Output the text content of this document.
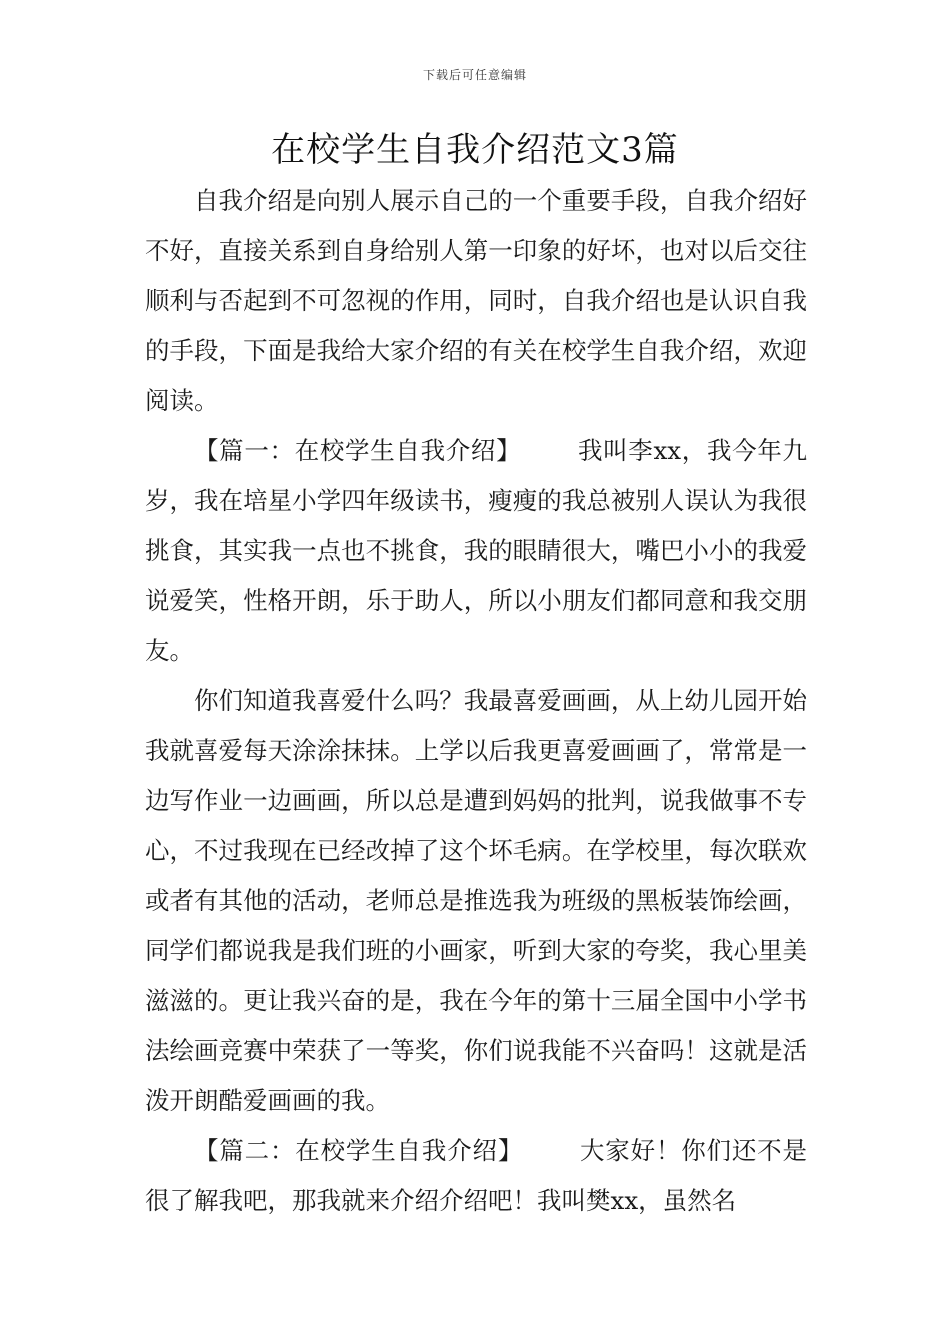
下载后可任意编辑
在校学生自我介绍范文3篇

自我介绍是向别人展示自己的一个重要手段，自我介绍好不好，直接关系到自身给别人第一印象的好坏，也对以后交往顺利与否起到不可忽视的作用，同时，自我介绍也是认识自我的手段，下面是我给大家介绍的有关在校学生自我介绍，欢迎阅读。

【篇一：在校学生自我介绍】 我叫李xx，我今年九岁，我在培星小学四年级读书，瘦瘦的我总被别人误认为我很挑食，其实我一点也不挑食，我的眼睛很大，嘴巴小小的我爱说爱笑，性格开朗，乐于助人，所以小朋友们都同意和我交朋友。

你们知道我喜爱什么吗？我最喜爱画画，从上幼儿园开始我就喜爱每天涂涂抹抹。上学以后我更喜爱画画了，常常是一边写作业一边画画，所以总是遭到妈妈的批判，说我做事不专心，不过我现在已经改掉了这个坏毛病。在学校里，每次联欢或者有其他的活动，老师总是推选我为班级的黑板装饰绘画，同学们都说我是我们班的小画家，听到大家的夸奖，我心里美滋滋的。更让我兴奋的是，我在今年的第十三届全国中小学书法绘画竞赛中荣获了一等奖，你们说我能不兴奋吗！这就是活泼开朗酷爱画画的我。

【篇二：在校学生自我介绍】 大家好！你们还不是很了解我吧，那我就来介绍介绍吧！我叫樊xx，虽然名
